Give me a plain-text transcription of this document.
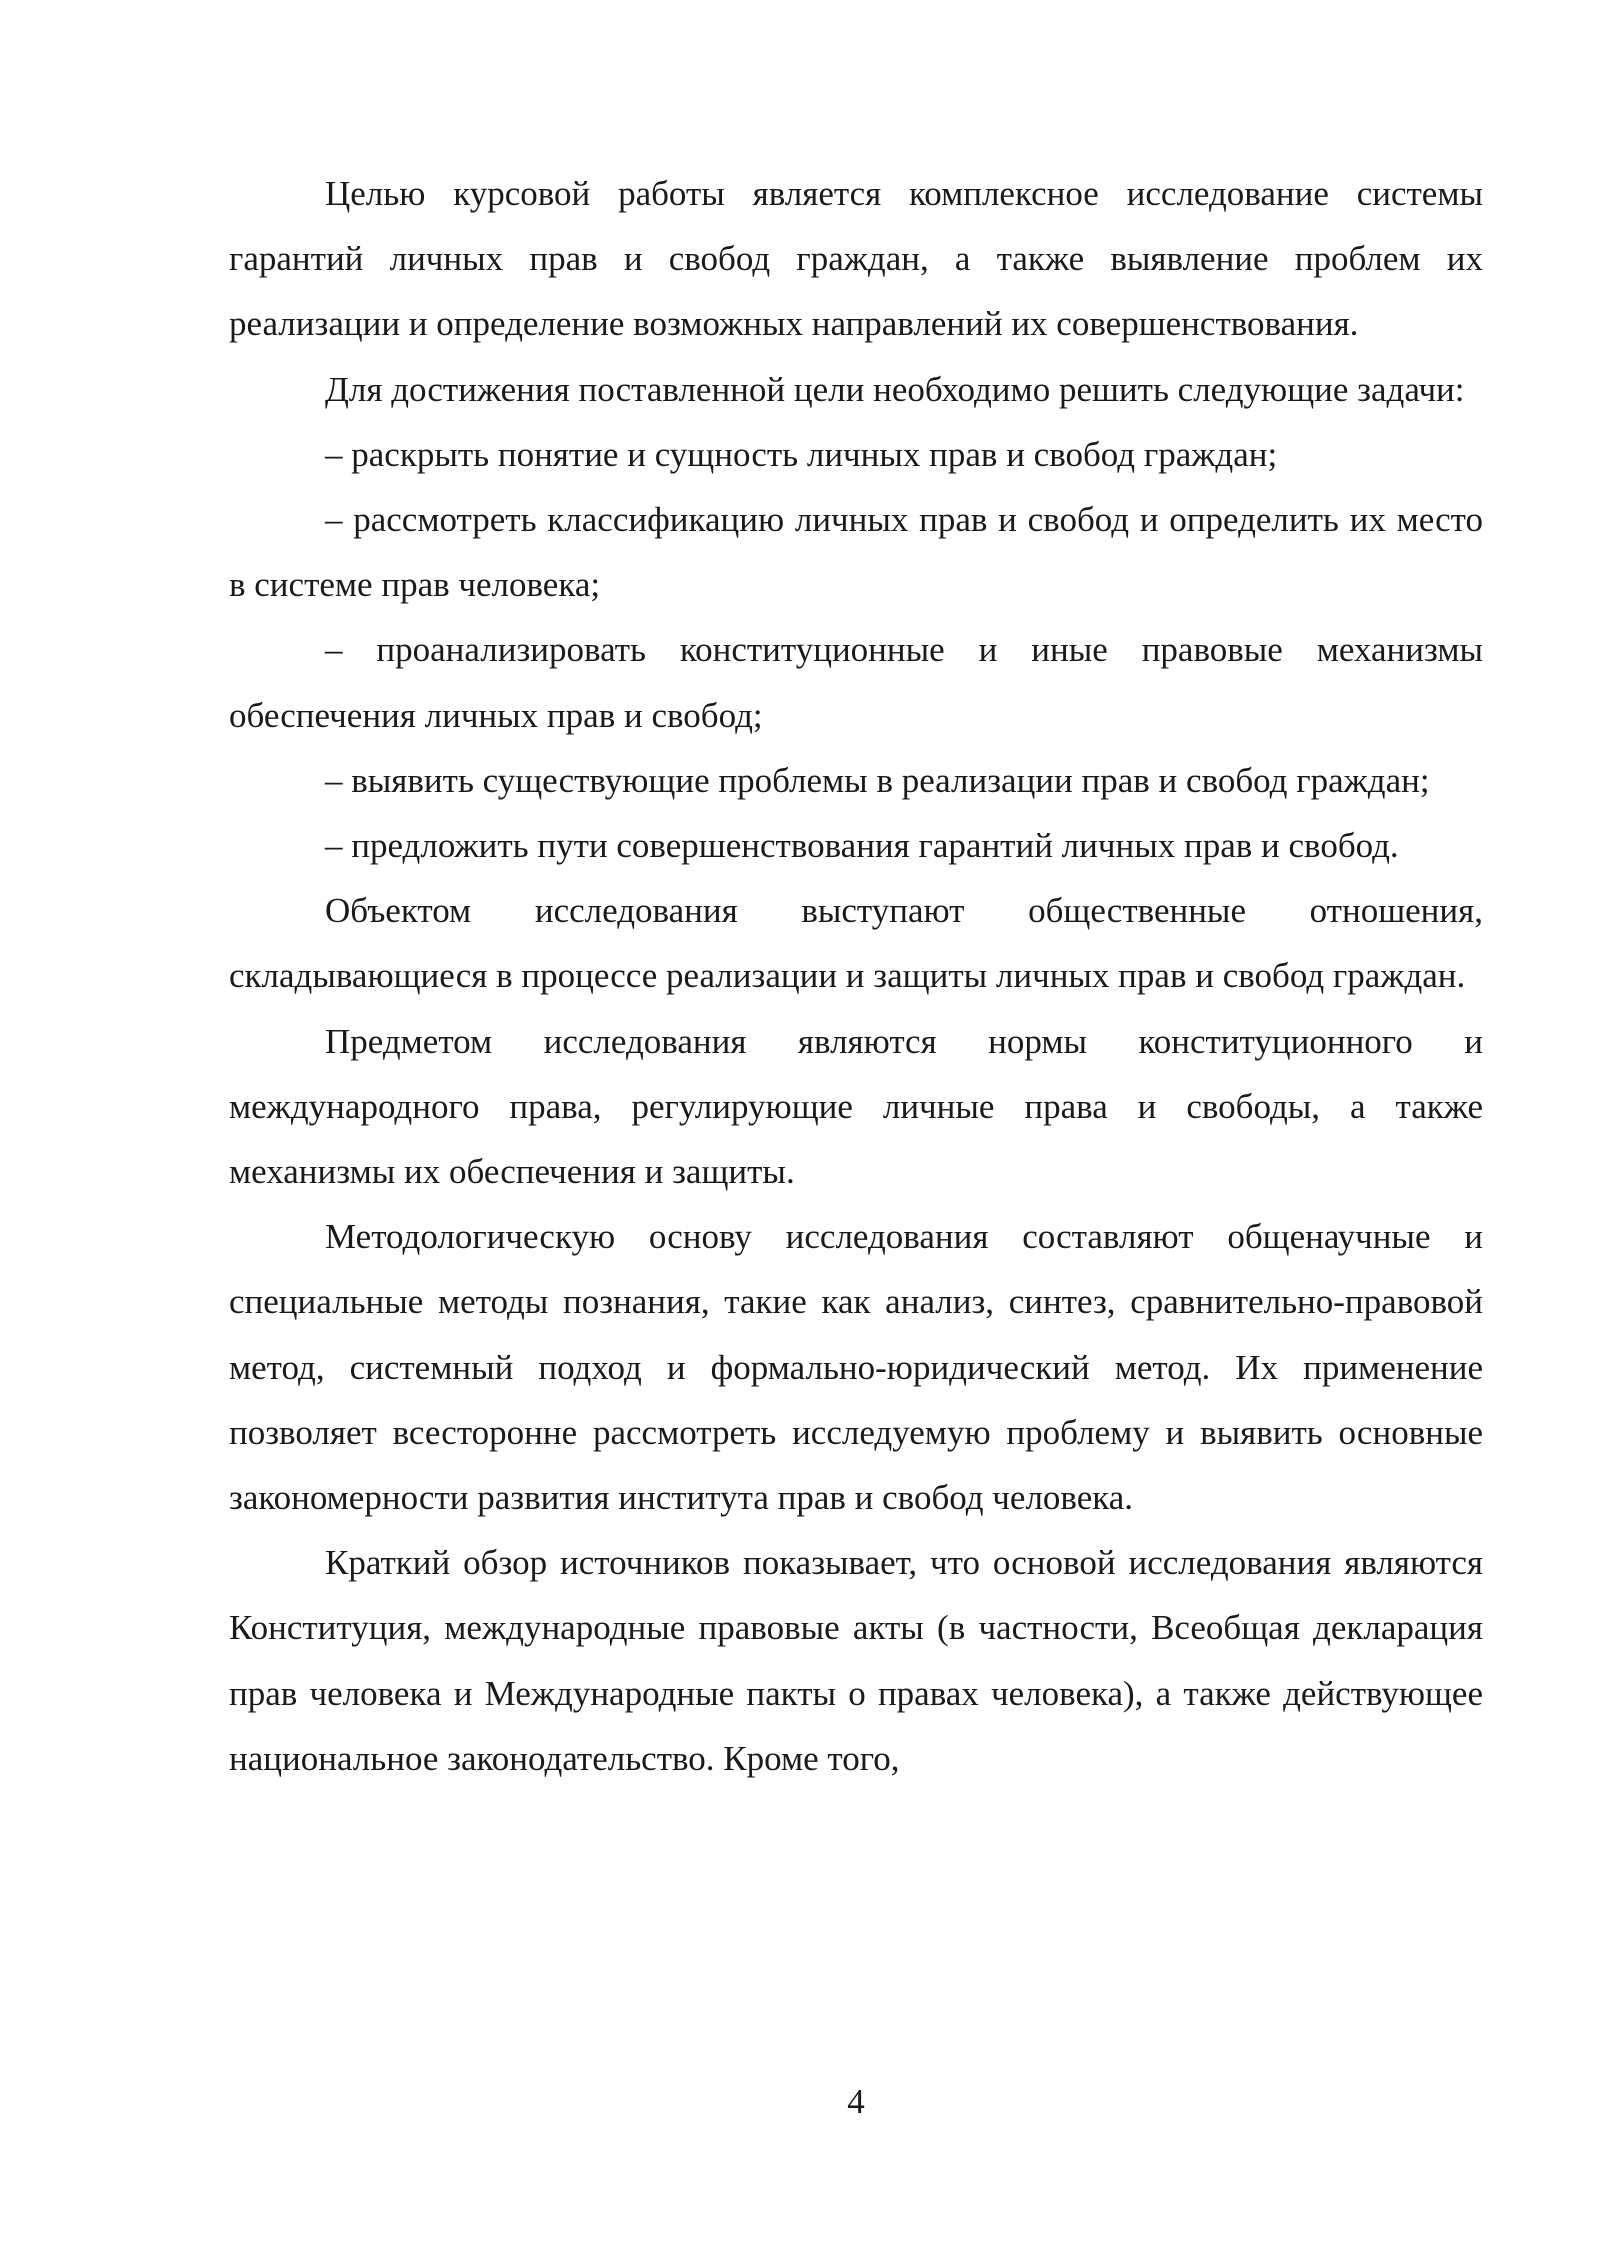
Целью курсовой работы является комплексное исследование системы гарантий личных прав и свобод граждан, а также выявление проблем их реализации и определение возможных направлений их совершенствования.

Для достижения поставленной цели необходимо решить следующие задачи:

– раскрыть понятие и сущность личных прав и свобод граждан;

– рассмотреть классификацию личных прав и свобод и определить их место в системе прав человека;

– проанализировать конституционные и иные правовые механизмы обеспечения личных прав и свобод;

– выявить существующие проблемы в реализации прав и свобод граждан;

– предложить пути совершенствования гарантий личных прав и свобод.

Объектом исследования выступают общественные отношения, складывающиеся в процессе реализации и защиты личных прав и свобод граждан.

Предметом исследования являются нормы конституционного и международного права, регулирующие личные права и свободы, а также механизмы их обеспечения и защиты.

Методологическую основу исследования составляют общенаучные и специальные методы познания, такие как анализ, синтез, сравнительно-правовой метод, системный подход и формально-юридический метод. Их применение позволяет всесторонне рассмотреть исследуемую проблему и выявить основные закономерности развития института прав и свобод человека.

Краткий обзор источников показывает, что основой исследования являются Конституция, международные правовые акты (в частности, Всеобщая декларация прав человека и Международные пакты о правах человека), а также действующее национальное законодательство. Кроме того,

4
